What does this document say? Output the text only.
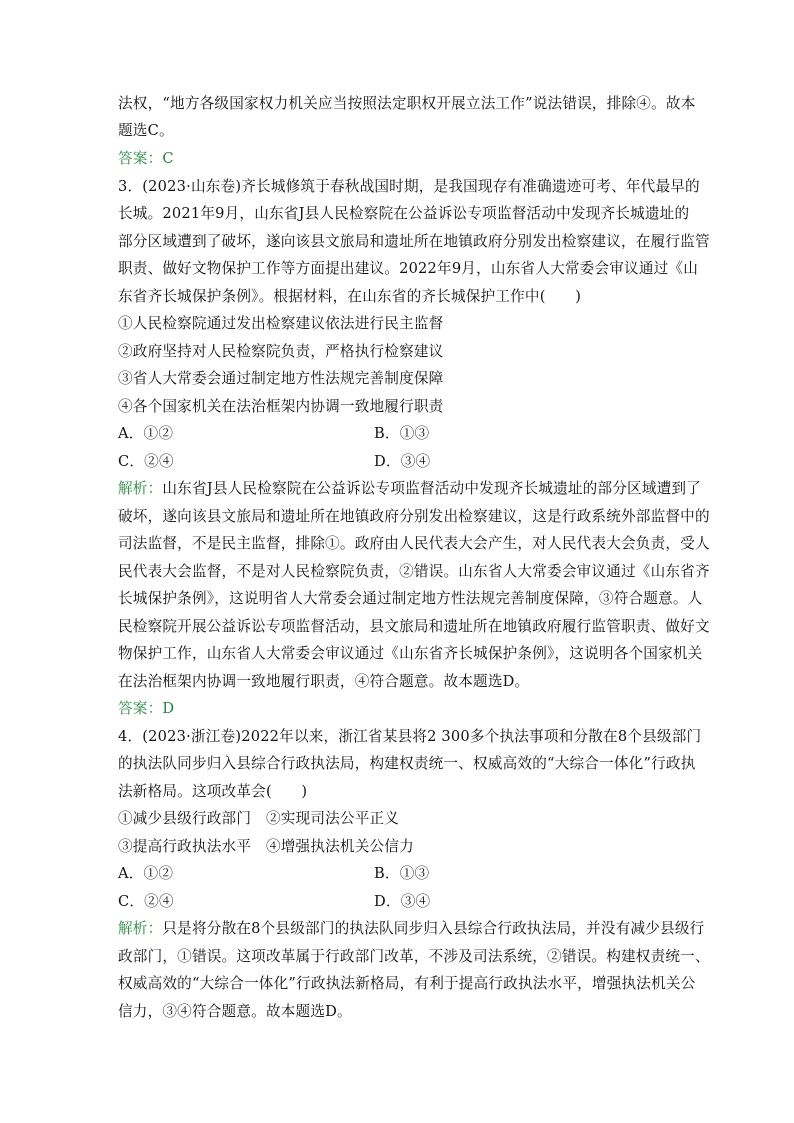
法权，“地方各级国家权力机关应当按照法定职权开展立法工作”说法错误，排除④。故本
题选C。
答案：C
3．(2023·山东卷)齐长城修筑于春秋战国时期，是我国现存有准确遗迹可考、年代最早的
长城。2021年9月，山东省J县人民检察院在公益诉讼专项监督活动中发现齐长城遗址的
部分区域遭到了破坏，遂向该县文旅局和遗址所在地镇政府分别发出检察建议，在履行监管
职责、做好文物保护工作等方面提出建议。2022年9月，山东省人大常委会审议通过《山
东省齐长城保护条例》。根据材料，在山东省的齐长城保护工作中(　　)
①人民检察院通过发出检察建议依法进行民主监督
②政府坚持对人民检察院负责，严格执行检察建议
③省人大常委会通过制定地方性法规完善制度保障
④各个国家机关在法治框架内协调一致地履行职责
A．①②	B．①③
C．②④	D．③④
解析：山东省J县人民检察院在公益诉讼专项监督活动中发现齐长城遗址的部分区域遭到了
破坏，遂向该县文旅局和遗址所在地镇政府分别发出检察建议，这是行政系统外部监督中的
司法监督，不是民主监督，排除①。政府由人民代表大会产生，对人民代表大会负责，受人
民代表大会监督，不是对人民检察院负责，②错误。山东省人大常委会审议通过《山东省齐
长城保护条例》，这说明省人大常委会通过制定地方性法规完善制度保障，③符合题意。人
民检察院开展公益诉讼专项监督活动，县文旅局和遗址所在地镇政府履行监管职责、做好文
物保护工作，山东省人大常委会审议通过《山东省齐长城保护条例》，这说明各个国家机关
在法治框架内协调一致地履行职责，④符合题意。故本题选D。
答案：D
4．(2023·浙江卷)2022年以来，浙江省某县将2 300多个执法事项和分散在8个县级部门
的执法队同步归入县综合行政执法局，构建权责统一、权威高效的“大综合一体化”行政执
法新格局。这项改革会(　　)
①减少县级行政部门　②实现司法公平正义
③提高行政执法水平　④增强执法机关公信力
A．①②	B．①③
C．②④	D．③④
解析：只是将分散在8个县级部门的执法队同步归入县综合行政执法局，并没有减少县级行
政部门，①错误。这项改革属于行政部门改革，不涉及司法系统，②错误。构建权责统一、
权威高效的“大综合一体化”行政执法新格局，有利于提高行政执法水平，增强执法机关公
信力，③④符合题意。故本题选D。
